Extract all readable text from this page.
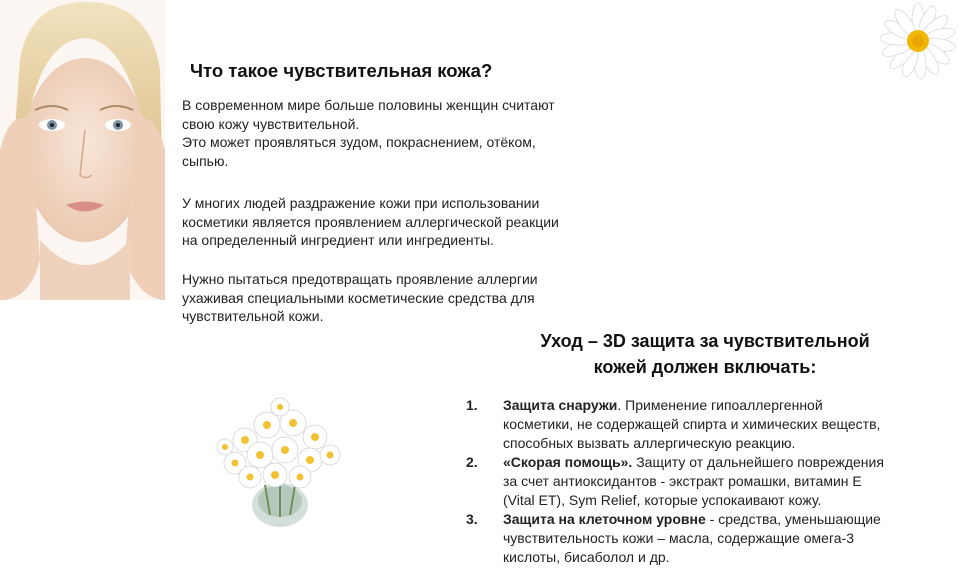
Что такое чувствительная кожа?

В современном мире больше половины женщин считают
свою кожу чувствительной.
Это может проявляться зудом, покраснением, отёком,
сыпью.

У многих людей раздражение кожи при использовании
косметики является проявлением аллергической реакции
на определенный ингредиент или ингредиенты.

Нужно пытаться предотвращать проявление аллергии
ухаживая специальными косметические средства для
чувствительной кожи.

Уход – 3D защита за чувствительной
кожей должен включать:
1. Защита снаружи. Применение гипоаллергенной
косметики, не содержащей спирта и химических веществ,
способных вызвать аллергическую реакцию.
2. «Скорая помощь». Защиту от дальнейшего повреждения
за счет антиоксидантов - экстракт ромашки, витамин Е
(Vital ET), Sym Relief, которые успокаивают кожу.
3. Защита на клеточном уровне - средства, уменьшающие
чувствительность кожи – масла, содержащие омега-3
кислоты, бисаболол и др.
